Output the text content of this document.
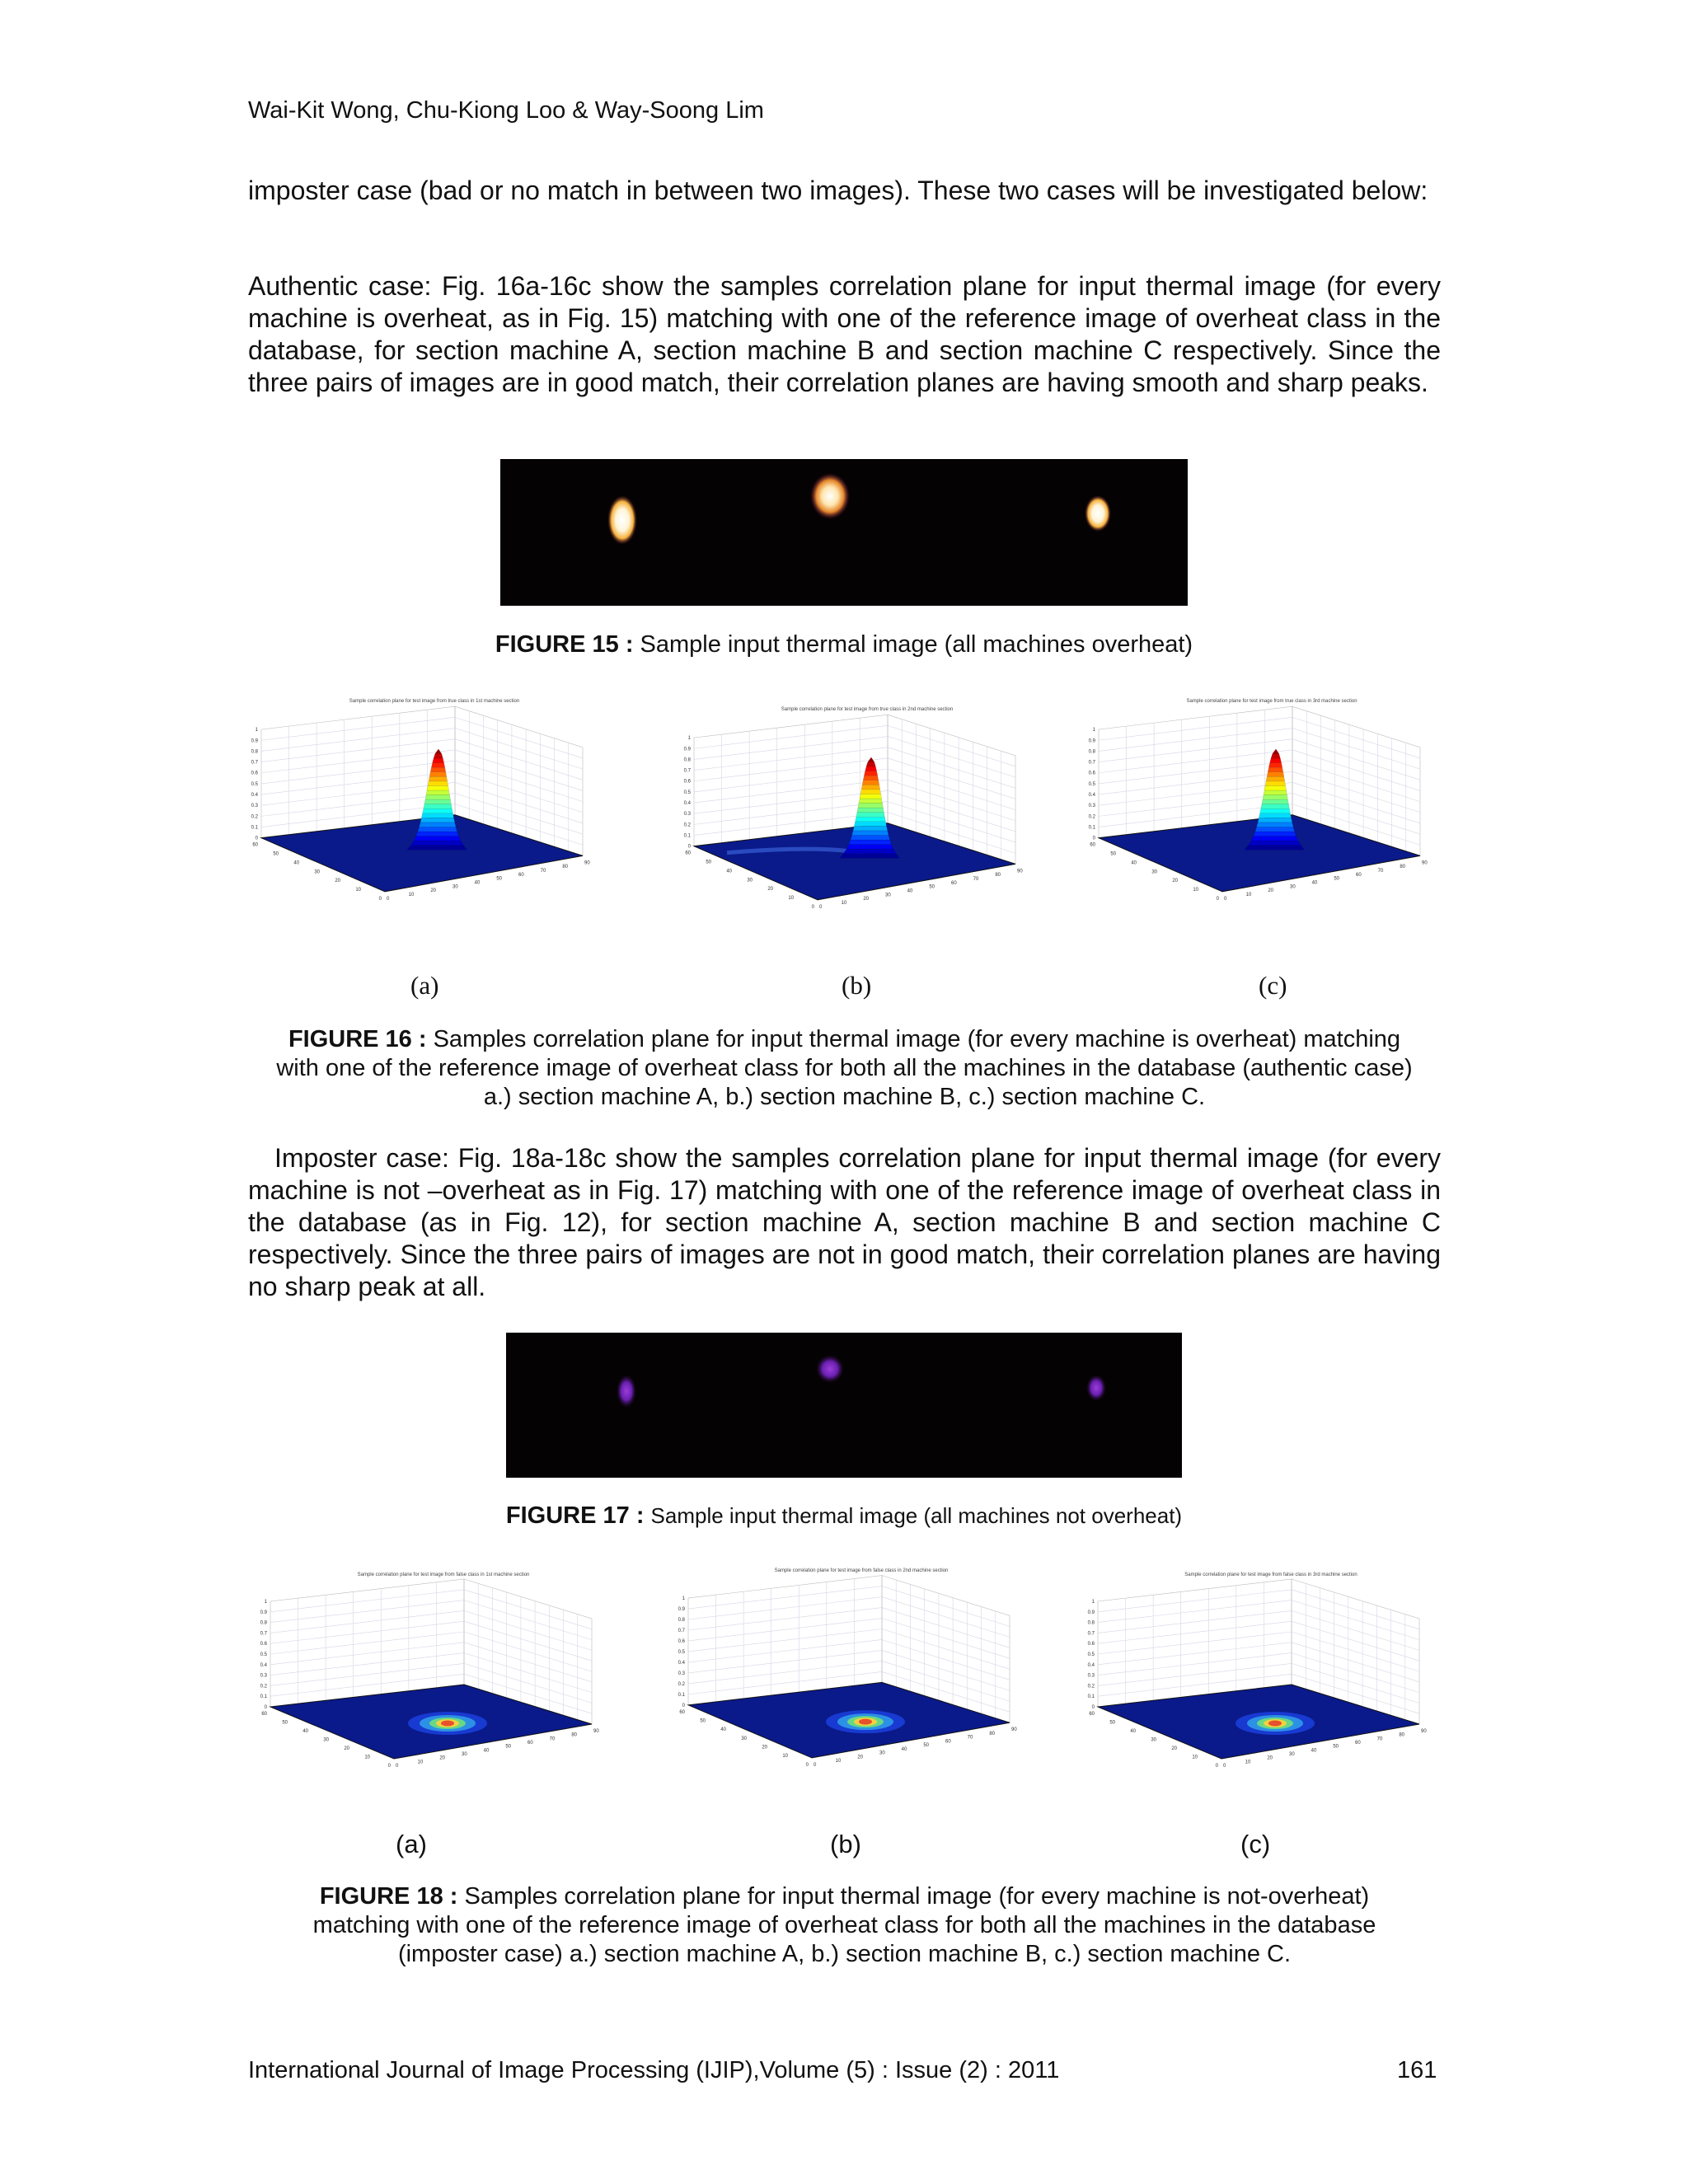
Wai-Kit Wong, Chu-Kiong Loo & Way-Soong Lim
imposter case (bad or no match in between two images). These two cases will be investigated below:
Authentic case: Fig. 16a-16c show the samples correlation plane for input thermal image (for every machine is overheat, as in Fig. 15) matching with one of the reference image of overheat class in the database, for section machine A, section machine B and section machine C respectively. Since the three pairs of images are in good match, their correlation planes are having smooth and sharp peaks.
FIGURE 15 : Sample input thermal image (all machines overheat)
Sample correlation plane for test image from true class in 1st machine section
0
0.1
0.2
0.3
0.4
0.5
0.6
0.7
0.8
0.9
1
0
10
20
30
40
50
60
70
80
90
0
10
20
30
40
50
60
Sample correlation plane for test image from true class in 2nd machine section
0
0.1
0.2
0.3
0.4
0.5
0.6
0.7
0.8
0.9
1
0
10
20
30
40
50
60
70
80
90
0
10
20
30
40
50
60
Sample correlation plane for test image from true class in 3rd machine section
0
0.1
0.2
0.3
0.4
0.5
0.6
0.7
0.8
0.9
1
0
10
20
30
40
50
60
70
80
90
0
10
20
30
40
50
60
(a)	(b)	(c)
FIGURE 16 : Samples correlation plane for input thermal image (for every machine is overheat) matching
with one of the reference image of overheat class for both all the machines in the database (authentic case)
a.) section machine A, b.) section machine B, c.) section machine C.
Imposter case: Fig. 18a-18c show the samples correlation plane for input thermal image (for every machine is not –overheat as in Fig. 17) matching with one of the reference image of overheat class in the database (as in Fig. 12), for section machine A, section machine B and section machine C respectively. Since the three pairs of images are not in good match, their correlation planes are having no sharp peak at all.
FIGURE 17 : Sample input thermal image (all machines not overheat)
Sample correlation plane for test image from false class in 1st machine section
0
0.1
0.2
0.3
0.4
0.5
0.6
0.7
0.8
0.9
1
0
10
20
30
40
50
60
70
80
90
0
10
20
30
40
50
60
Sample correlation plane for test image from false class in 2nd machine section
0
0.1
0.2
0.3
0.4
0.5
0.6
0.7
0.8
0.9
1
0
10
20
30
40
50
60
70
80
90
0
10
20
30
40
50
60
Sample correlation plane for test image from false class in 3rd machine section
0
0.1
0.2
0.3
0.4
0.5
0.6
0.7
0.8
0.9
1
0
10
20
30
40
50
60
70
80
90
0
10
20
30
40
50
60
(a)	(b)	(c)
FIGURE 18 : Samples correlation plane for input thermal image (for every machine is not-overheat)
matching with one of the reference image of overheat class for both all the machines in the database
(imposter case) a.) section machine A, b.) section machine B, c.) section machine C.
International Journal of Image Processing (IJIP),Volume (5) : Issue (2) : 2011	161
